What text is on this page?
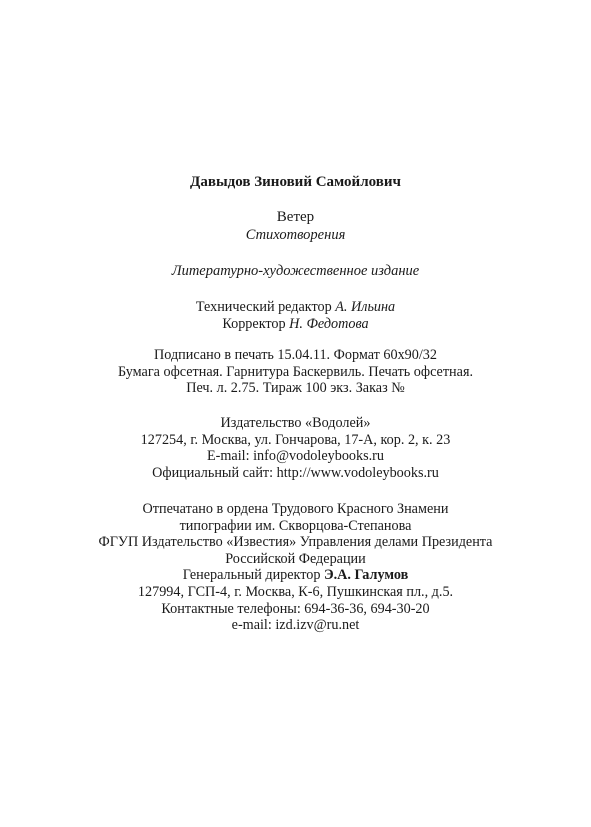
Давыдов Зиновий Самойлович
Ветер
Стихотворения
Литературно-художественное издание
Технический редактор А. Ильина
Корректор Н. Федотова
Подписано в печать 15.04.11. Формат 60х90/32
Бумага офсетная. Гарнитура Баскервиль. Печать офсетная.
Печ. л. 2.75. Тираж 100 экз. Заказ №
Издательство «Водолей»
127254, г. Москва, ул. Гончарова, 17-А, кор. 2, к. 23
E-mail: info@vodoleybooks.ru
Официальный сайт: http://www.vodoleybooks.ru
Отпечатано в ордена Трудового Красного Знамени
типографии им. Скворцова-Степанова
ФГУП Издательство «Известия» Управления делами Президента
Российской Федерации
Генеральный директор Э.А. Галумов
127994, ГСП-4, г. Москва, К-6, Пушкинская пл., д.5.
Контактные телефоны: 694-36-36, 694-30-20
e-mail: izd.izv@ru.net
